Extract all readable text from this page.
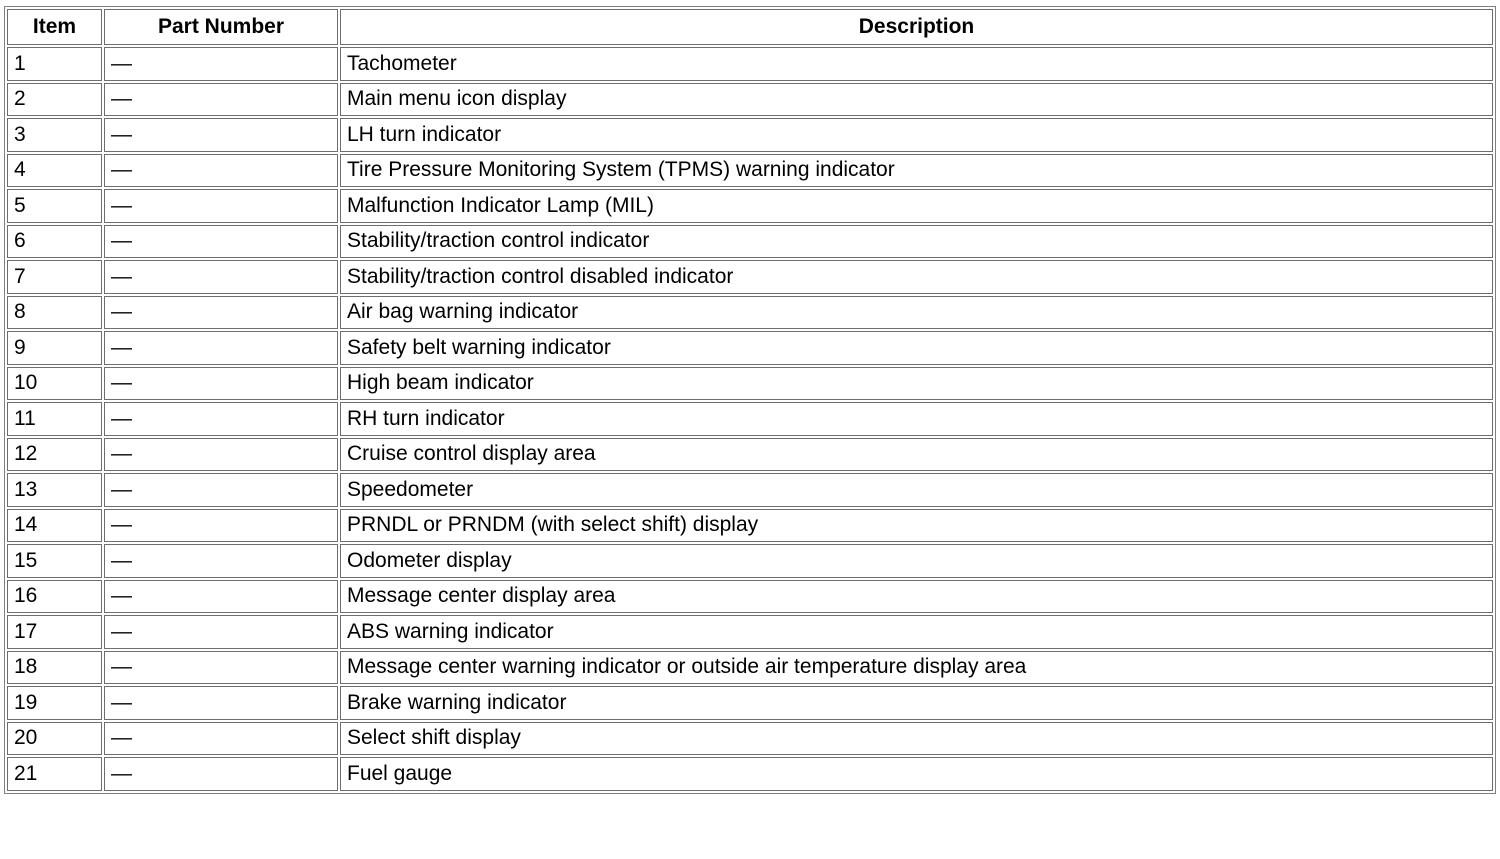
Item	Part Number	Description
1	—	Tachometer
2	—	Main menu icon display
3	—	LH turn indicator
4	—	Tire Pressure Monitoring System (TPMS) warning indicator
5	—	Malfunction Indicator Lamp (MIL)
6	—	Stability/traction control indicator
7	—	Stability/traction control disabled indicator
8	—	Air bag warning indicator
9	—	Safety belt warning indicator
10	—	High beam indicator
11	—	RH turn indicator
12	—	Cruise control display area
13	—	Speedometer
14	—	PRNDL or PRNDM (with select shift) display
15	—	Odometer display
16	—	Message center display area
17	—	ABS warning indicator
18	—	Message center warning indicator or outside air temperature display area
19	—	Brake warning indicator
20	—	Select shift display
21	—	Fuel gauge
